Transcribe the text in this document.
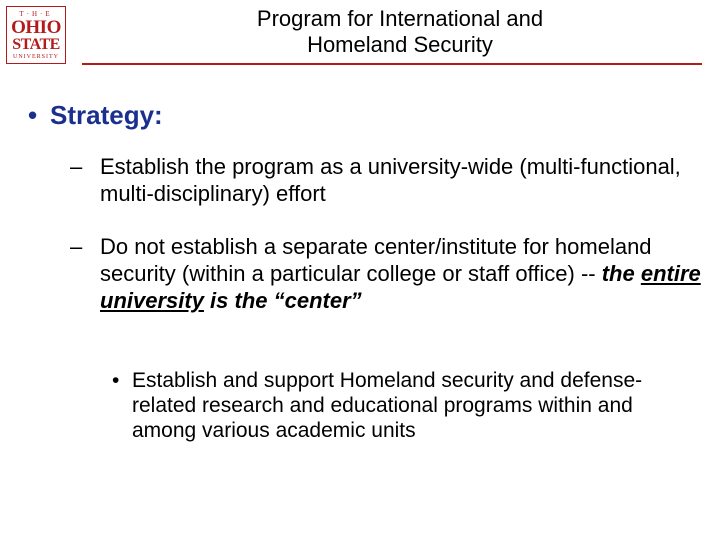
T·H·E
OHIO
STATE
UNIVERSITY
Program for International and
Homeland Security
• Strategy:
– Establish the program as a university-wide (multi-functional, multi-disciplinary) effort
– Do not establish a separate center/institute for homeland security (within a particular college or staff office) -- the entire university is the “center”
• Establish and support Homeland security and defense-related research and educational programs within and among various academic units
